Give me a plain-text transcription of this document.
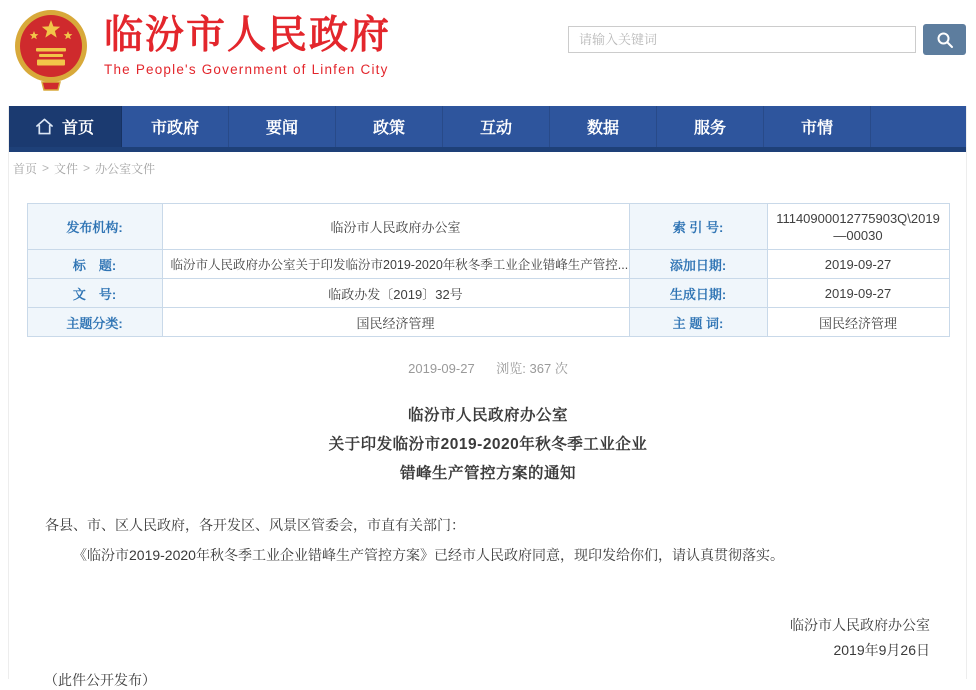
临汾市人民政府
The People's Government of Linfen City
请输入关键词
首页	市政府	要闻	政策	互动	数据	服务	市情
首页 > 文件 > 办公室文件
发布机构:	临汾市人民政府办公室	索 引 号:	11140900012775903Q\2019—00030
标　题:	临汾市人民政府办公室关于印发临汾市2019-2020年秋冬季工业企业错峰生产管控...	添加日期:	2019-09-27
文　号:	临政办发〔2019〕32号	生成日期:	2019-09-27
主题分类:	国民经济管理	主 题 词:	国民经济管理
2019-09-27 浏览: 367 次
临汾市人民政府办公室
关于印发临汾市2019-2020年秋冬季工业企业
错峰生产管控方案的通知

各县、市、区人民政府，各开发区、风景区管委会，市直有关部门：

《临汾市2019-2020年秋冬季工业企业错峰生产管控方案》已经市人民政府同意，现印发给你们，请认真贯彻落实。

临汾市人民政府办公室
2019年9月26日
（此件公开发布）
